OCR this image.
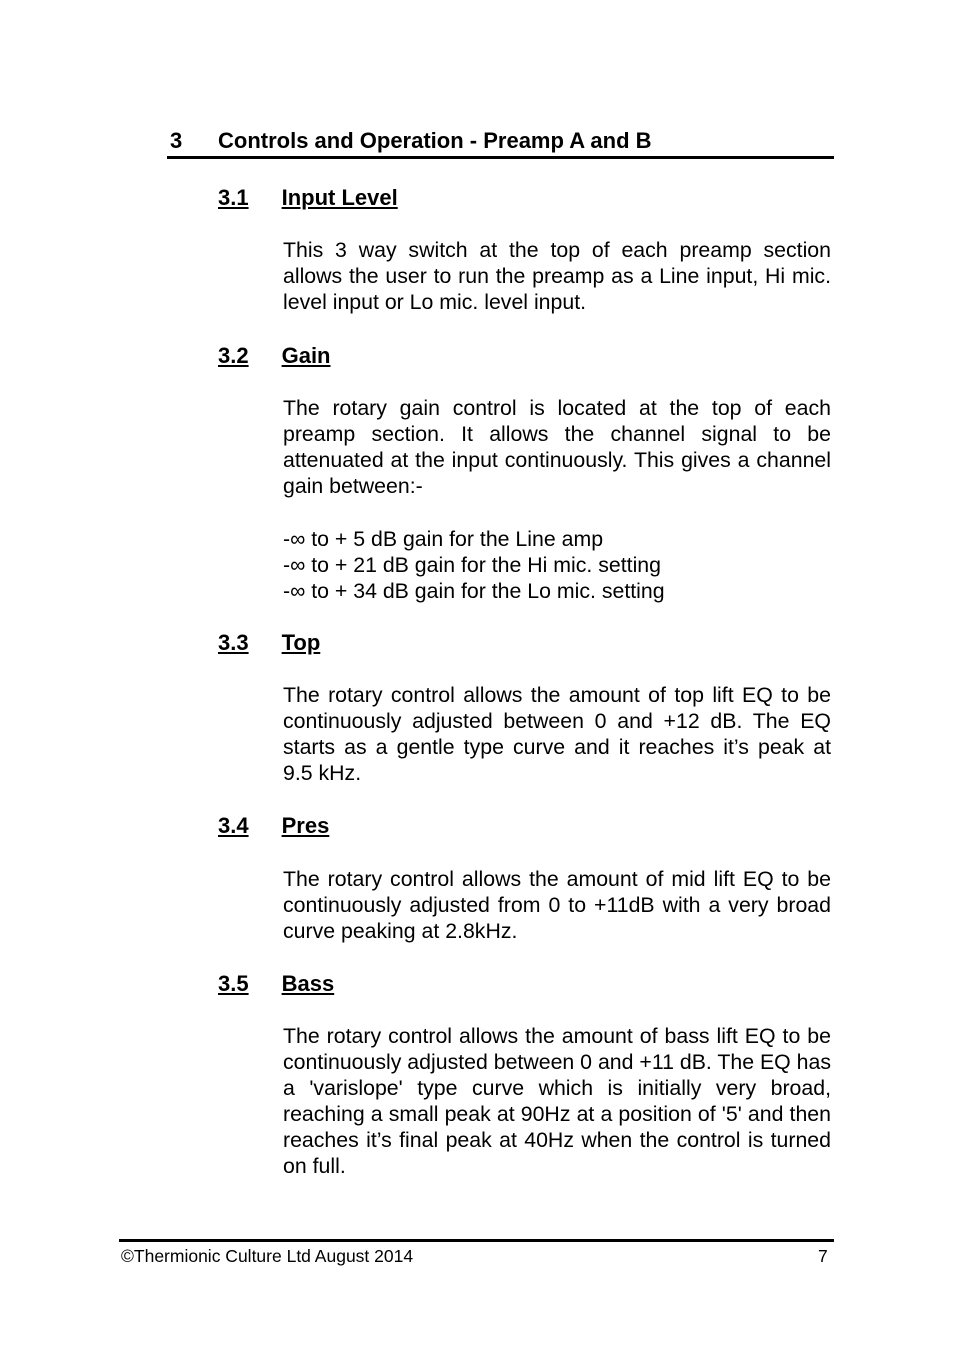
3 Controls and Operation - Preamp A and B
3.1 Input Level

This 3 way switch at the top of each preamp section allows the user to run the preamp as a Line input, Hi mic. level input or Lo mic. level input.

3.2 Gain

The rotary gain control is located at the top of each preamp section. It allows the channel signal to be attenuated at the input continuously. This gives a channel gain between:-

-∞ to + 5 dB gain for the Line amp
-∞ to + 21 dB gain for the Hi mic. setting
-∞ to + 34 dB gain for the Lo mic. setting
3.3 Top

The rotary control allows the amount of top lift EQ to be continuously adjusted between 0 and +12 dB. The EQ starts as a gentle type curve and it reaches it’s peak at 9.5 kHz.

3.4 Pres

The rotary control allows the amount of mid lift EQ to be continuously adjusted from 0 to +11dB with a very broad curve peaking at 2.8kHz.

3.5 Bass

The rotary control allows the amount of bass lift EQ to be continuously adjusted between 0 and +11 dB. The EQ has a 'varislope' type curve which is initially very broad, reaching a small peak at 90Hz at a position of '5' and then reaches it’s final peak at 40Hz when the control is turned on full.

©Thermionic Culture Ltd August 2014	7
